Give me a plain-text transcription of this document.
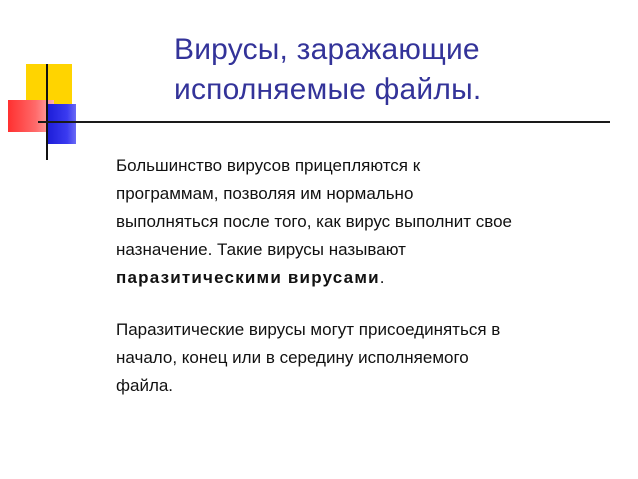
Вирусы, заражающие
исполняемые файлы.

Большинство вирусов прицепляются к
программам, позволяя им нормально
выполняться после того, как вирус выполнит свое
назначение. Такие вирусы называют
паразитическими вирусами.

Паразитические вирусы могут присоединяться в
начало, конец или в середину исполняемого
файла.
